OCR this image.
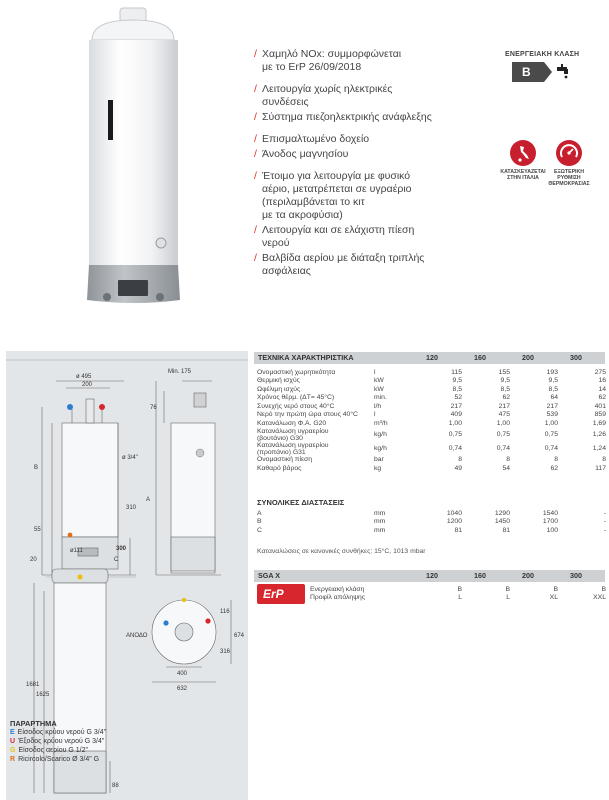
/ Χαμηλό NOx: συμμορφώνεται
με το ErP 26/09/2018
/ Λειτουργία χωρίς ηλεκτρικές
συνδέσεις
/ Σύστημα πιεζοηλεκτρικής ανάφλεξης
/ Επισμαλτωμένο δοχείο
/ Άνοδος μαγνησίου
/ Έτοιμο για λειτουργία με φυσικό
αέριο, μετατρέπεται σε υγραέριο
(περιλαμβάνεται το κιτ
με τα ακροφύσια)
/ Λειτουργία και σε ελάχιστη πίεση
νερού
/ Βαλβίδα αερίου με διάταξη τριπλής
ασφάλειας
ΕΝΕΡΓΕΙΑΚΗ ΚΛΑΣΗ
B
ΚΑΤΑΣΚΕΥΑΖΕΤΑΙ
ΣΤΗΝ ΙΤΑΛΙΑ
ΕΞΩΤΕΡΙΚΗ
ΡΥΘΜΙΣΗ
ΘΕΡΜΟΚΡΑΣΙΑΣ
ø 495
200
Min. 175
76
ø 3/4"
310
55
A
B
C
300
ø111
20
1681
1625
88
116
674
316
ΑΝΟΔΟ
400
632
ΠΑΡΑΡΤΗΜΑ
E Είσοδος κρύου νερού G 3/4"
U Έξοδος κρύου νερού G 3/4"
G Είσοδος αερίου G 1/2"
R Ricircolo/Scarico Ø 3/4" G
ΤΕΧΝΙΚΑ ΧΑΡΑΚΤΗΡΙΣΤΙΚΑ	120	160	200	300
Ονομαστική χωρητικότητα	l	115	155	193	275

Θερμική ισχύς	kW	9,5	9,5	9,5	16

Ωφέλιμη ισχύς	kW	8,5	8,5	8,5	14

Χρόνος θέρμ. (ΔT= 45°C)	min.	52	62	64	62

Συνεχής νερό στους 40°C	l/h	217	217	217	401

Νερό την πρώτη ώρα στους 40°C	l	409	475	539	859

Κατανάλωση Φ.Α. G20	m³/h	1,00	1,00	1,00	1,69

Κατανάλωση υγραερίου
(βουτάνιο) G30	kg/h	0,75	0,75	0,75	1,26

Κατανάλωση υγραερίου
(προπάνιο) G31	kg/h	0,74	0,74	0,74	1,24

Ονομαστική πίεση	bar	8	8	8	8

Καθαρό βάρος	kg	49	54	62	117
ΣΥΝΟΛΙΚΕΣ ΔΙΑΣΤΑΣΕΙΣ
A	mm	1040	1290	1540	-
B	mm	1200	1450	1700	-
C	mm	81	81	100	-
Καταναλώσεις σε κανονικές συνθήκες: 15°C, 1013 mbar
SGA X	120	160	200	300
ErP	Ενεργειακή κλάση	B	B	B	B
Προφίλ απόληψης	L	L	XL	XXL
